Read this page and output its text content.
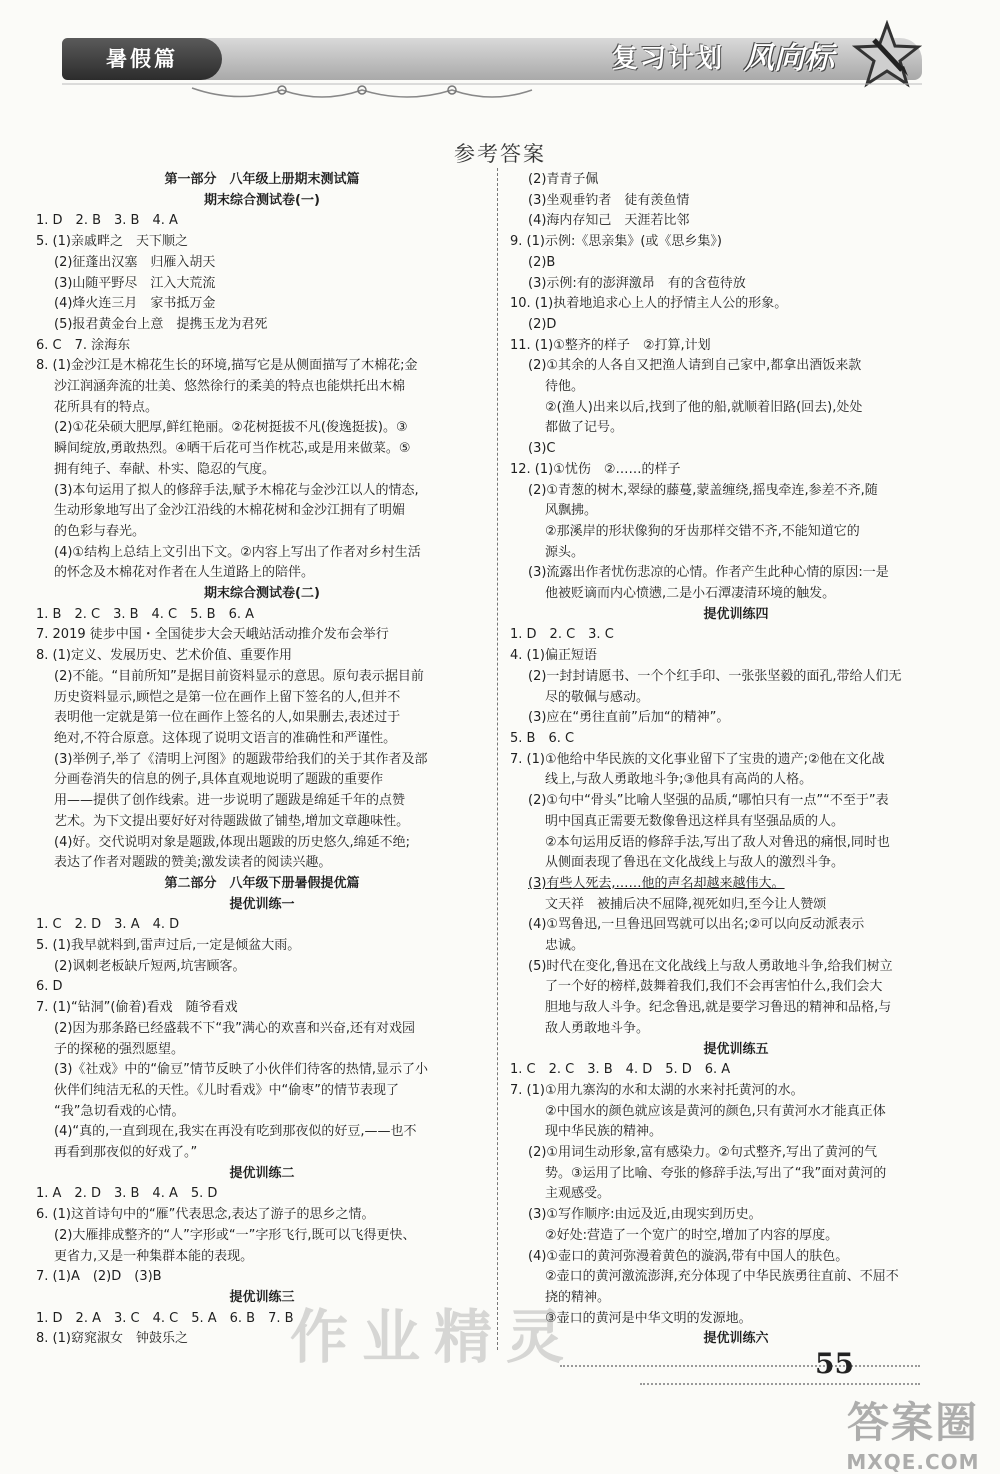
暑假篇	复习计划 风向标
参考答案
第一部分　八年级上册期末测试篇
期末综合测试卷(一)
1. D　2. B　3. B　4. A
5. (1)亲戚畔之　天下顺之
(2)征蓬出汉塞　归雁入胡天
(3)山随平野尽　江入大荒流
(4)烽火连三月　家书抵万金
(5)报君黄金台上意　提携玉龙为君死
6. C　7. 涂海东
8. (1)金沙江是木棉花生长的环境,描写它是从侧面描写了木棉花;金
沙江润涵奔流的壮美、悠然徐行的柔美的特点也能烘托出木棉
花所具有的特点。
(2)①花朵硕大肥厚,鲜红艳丽。②花树挺拔不凡(俊逸挺拔)。③
瞬间绽放,勇敢热烈。④晒干后花可当作枕芯,或是用来做菜。⑤
拥有纯子、奉献、朴实、隐忍的气度。
(3)本句运用了拟人的修辞手法,赋予木棉花与金沙江以人的情态,
生动形象地写出了金沙江沿线的木棉花树和金沙江拥有了明媚
的色彩与春光。
(4)①结构上总结上文引出下文。②内容上写出了作者对乡村生活
的怀念及木棉花对作者在人生道路上的陪伴。
期末综合测试卷(二)
1. B　2. C　3. B　4. C　5. B　6. A
7. 2019 徒步中国・全国徒步大会天峨站活动推介发布会举行
8. (1)定义、发展历史、艺术价值、重要作用
(2)不能。“目前所知”是据目前资料显示的意思。原句表示据目前
历史资料显示,顾恺之是第一位在画作上留下签名的人,但并不
表明他一定就是第一位在画作上签名的人,如果删去,表述过于
绝对,不符合原意。这体现了说明文语言的准确性和严谨性。
(3)举例子,举了《清明上河图》的题跋带给我们的关于其作者及部
分画卷消失的信息的例子,具体直观地说明了题跋的重要作
用——提供了创作线索。进一步说明了题跋是绵延千年的点赞
艺术。为下文提出要好好对待题跋做了铺垫,增加文章趣味性。
(4)好。交代说明对象是题跋,体现出题跋的历史悠久,绵延不绝;
表达了作者对题跋的赞美;激发读者的阅读兴趣。
第二部分　八年级下册暑假提优篇
提优训练一
1. C　2. D　3. A　4. D
5. (1)我早就料到,雷声过后,一定是倾盆大雨。
(2)讽刺老板缺斤短两,坑害顾客。
6. D
7. (1)“钻洞”(偷着)看戏　随爷看戏
(2)因为那条路已经盛载不下“我”满心的欢喜和兴奋,还有对戏园
子的探秘的强烈愿望。
(3)《社戏》中的“偷豆”情节反映了小伙伴们待客的热情,显示了小
伙伴们纯洁无私的天性。《儿时看戏》中“偷枣”的情节表现了
“我”急切看戏的心情。
(4)“真的,一直到现在,我实在再没有吃到那夜似的好豆,——也不
再看到那夜似的好戏了。”
提优训练二
1. A　2. D　3. B　4. A　5. D
6. (1)这首诗句中的“雁”代表思念,表达了游子的思乡之情。
(2)大雁排成整齐的“人”字形或“一”字形飞行,既可以飞得更快、
更省力,又是一种集群本能的表现。
7. (1)A　(2)D　(3)B
提优训练三
1. D　2. A　3. C　4. C　5. A　6. B　7. B
8. (1)窈窕淑女　钟鼓乐之
(2)青青子佩
(3)坐观垂钓者　徒有羡鱼情
(4)海内存知己　天涯若比邻
9. (1)示例:《思亲集》(或《思乡集》)
(2)B
(3)示例:有的澎湃激昂　有的含苞待放
10. (1)执着地追求心上人的抒情主人公的形象。
(2)D
11. (1)①整齐的样子　②打算,计划
(2)①其余的人各自又把渔人请到自己家中,都拿出酒饭来款
待他。
②(渔人)出来以后,找到了他的船,就顺着旧路(回去),处处
都做了记号。
(3)C
12. (1)①忧伤　②……的样子
(2)①青葱的树木,翠绿的藤蔓,蒙盖缠绕,摇曳牵连,参差不齐,随
风飘拂。
②那溪岸的形状像狗的牙齿那样交错不齐,不能知道它的
源头。
(3)流露出作者忧伤悲凉的心情。作者产生此种心情的原因:一是
他被贬谪而内心愤懑,二是小石潭凄清环境的触发。
提优训练四
1. D　2. C　3. C
4. (1)偏正短语
(2)一封封请愿书、一个个红手印、一张张坚毅的面孔,带给人们无
尽的敬佩与感动。
(3)应在“勇往直前”后加“的精神”。
5. B　6. C
7. (1)①他给中华民族的文化事业留下了宝贵的遗产;②他在文化战
线上,与敌人勇敢地斗争;③他具有高尚的人格。
(2)①句中“骨头”比喻人坚强的品质,“哪怕只有一点”“不至于”表
明中国真正需要无数像鲁迅这样具有坚强品质的人。
②本句运用反语的修辞手法,写出了敌人对鲁迅的痛恨,同时也
从侧面表现了鲁迅在文化战线上与敌人的激烈斗争。
(3)有些人死去,……他的声名却越来越伟大。
文天祥　被捕后决不屈降,视死如归,至今让人赞颂
(4)①骂鲁迅,一旦鲁迅回骂就可以出名;②可以向反动派表示
忠诚。
(5)时代在变化,鲁迅在文化战线上与敌人勇敢地斗争,给我们树立
了一个好的榜样,鼓舞着我们,我们不会再害怕什么,我们会大
胆地与敌人斗争。纪念鲁迅,就是要学习鲁迅的精神和品格,与
敌人勇敢地斗争。
提优训练五
1. C　2. C　3. B　4. D　5. D　6. A
7. (1)①用九寨沟的水和太湖的水来衬托黄河的水。
②中国水的颜色就应该是黄河的颜色,只有黄河水才能真正体
现中华民族的精神。
(2)①用词生动形象,富有感染力。②句式整齐,写出了黄河的气
势。③运用了比喻、夸张的修辞手法,写出了“我”面对黄河的
主观感受。
(3)①写作顺序:由远及近,由现实到历史。
②好处:营造了一个宽广的时空,增加了内容的厚度。
(4)①壶口的黄河弥漫着黄色的漩涡,带有中国人的肤色。
②壶口的黄河激流澎湃,充分体现了中华民族勇往直前、不屈不
挠的精神。
③壶口的黄河是中华文明的发源地。
提优训练六
作业精灵	55
答案圈
MXQE.COM
